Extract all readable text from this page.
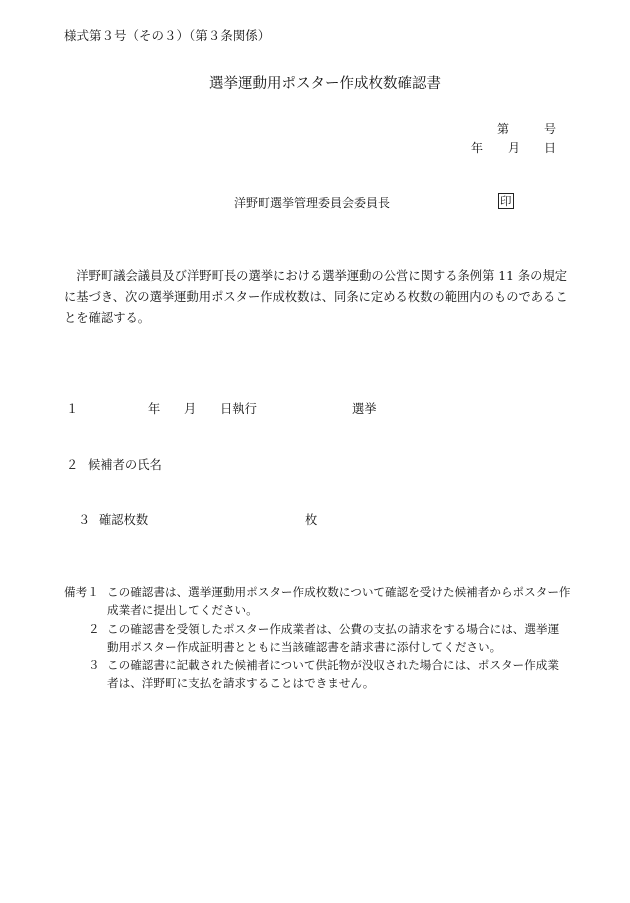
様式第３号（その３）（第３条関係）
選挙運動用ポスター作成枚数確認書
第	号
年 月 日
洋野町選挙管理委員会委員長	印
洋野町議会議員及び洋野町長の選挙における選挙運動の公営に関する条例第 11 条の規定に基づき、次の選挙運動用ポスター作成枚数は、同条に定める枚数の範囲内のものであることを確認する。
１	年 月 日執行	選挙
２ 候補者の氏名
３ 確認枚数	枚
備考１ この確認書は、選挙運動用ポスター作成枚数について確認を受けた候補者からポスター作成業者に提出してください。
２ この確認書を受領したポスター作成業者は、公費の支払の請求をする場合には、選挙運動用ポスター作成証明書とともに当該確認書を請求書に添付してください。
３ この確認書に記載された候補者について供託物が没収された場合には、ポスター作成業者は、洋野町に支払を請求することはできません。
